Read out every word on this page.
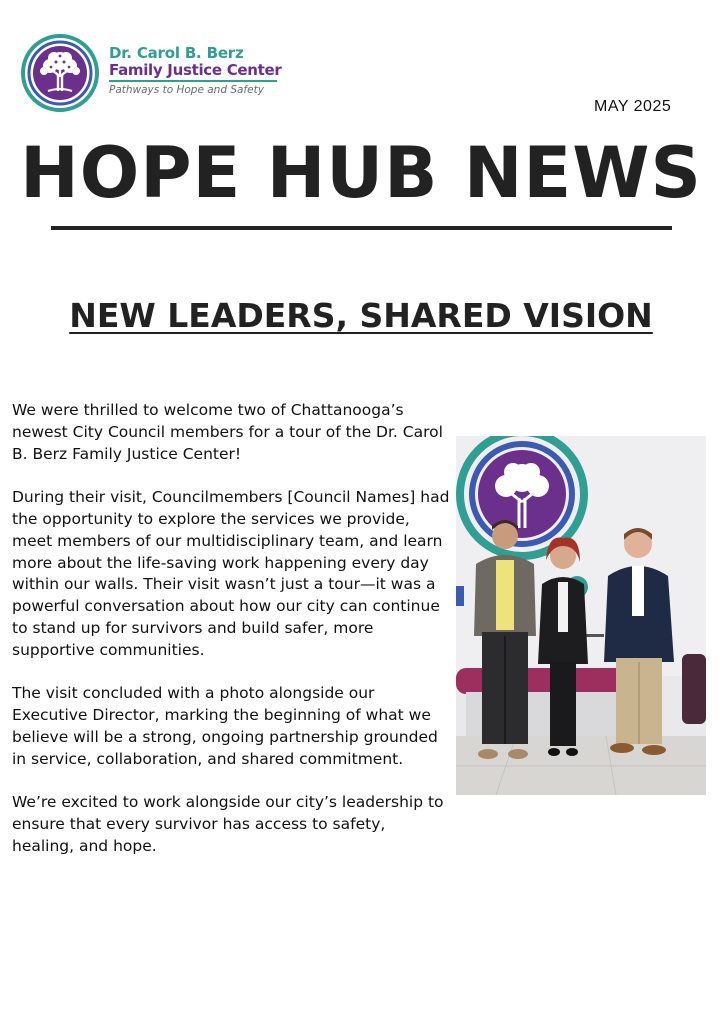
Dr. Carol B. Berz
Family Justice Center
Pathways to Hope and Safety
MAY 2025
HOPE HUB NEWS
NEW LEADERS, SHARED VISION

We were thrilled to welcome two of Chattanooga’s newest City Council members for a tour of the Dr. Carol B. Berz Family Justice Center!

During their visit, Councilmembers [Council Names] had the opportunity to explore the services we provide, meet members of our multidisciplinary team, and learn more about the life-saving work happening every day within our walls. Their visit wasn’t just a tour—it was a powerful conversation about how our city can continue to stand up for survivors and build safer, more supportive communities.

The visit concluded with a photo alongside our Executive Director, marking the beginning of what we believe will be a strong, ongoing partnership grounded in service, collaboration, and shared commitment.

We’re excited to work alongside our city’s leadership to ensure that every survivor has access to safety, healing, and hope.
